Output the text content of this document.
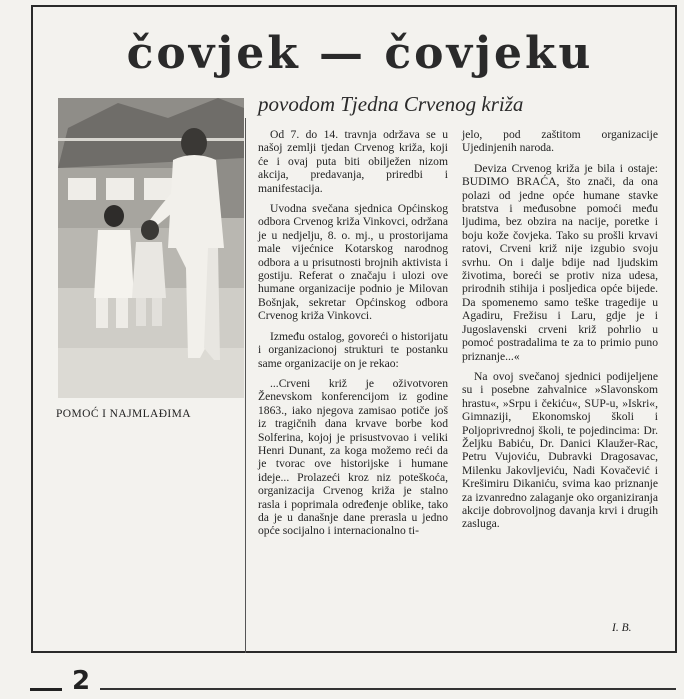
čovjek — čovjeku
povodom Tjedna Crvenog križa
POMOĆ I NAJMLAĐIMA

Od 7. do 14. travnja održava se u našoj zemlji tjedan Crvenog križa, koji će i ovaj puta biti obilježen nizom akcija, predavanja, priredbi i manifestacija.

Uvodna svečana sjednica Općinskog odbora Crvenog križa Vinkovci, održana je u nedjelju, 8. o. mj., u prostorijama male vijećnice Kotarskog narodnog odbora a u prisutnosti brojnih aktivista i gostiju. Referat o značaju i ulozi ove humane organizacije podnio je Milovan Bošnjak, sekretar Općinskog odbora Crvenog križa Vinkovci.

Između ostalog, govoreći o historijatu i organizacionoj strukturi te postanku same organizacije on je rekao:

...Crveni križ je oživotvoren Ženevskom konferencijom iz godine 1863., iako njegova zamisao potiče još iz tragičnih dana krvave borbe kod Solferina, kojoj je prisustvovao i veliki Henri Dunant, za koga možemo reći da je tvorac ove historijske i humane ideje... Prolazeći kroz niz poteškoća, organizacija Crvenog križa je stalno rasla i poprimala određenje oblike, tako da je u današnje dane prerasla u jedno opće socijalno i internacionalno ti-

jelo, pod zaštitom organizacije Ujedinjenih naroda.

Deviza Crvenog križa je bila i ostaje: BUDIMO BRAĆA, što znači, da ona polazi od jedne opće humane stavke bratstva i međusobne pomoći među ljudima, bez obzira na nacije, poretke i boju kože čovjeka. Tako su prošli krvavi ratovi, Crveni križ nije izgubio svoju svrhu. On i dalje bdije nad ljudskim životima, boreći se protiv niza udesa, prirodnih stihija i posljedica opće bijede. Da spomenemo samo teške tragedije u Agadiru, Frežisu i Laru, gdje je i Jugoslavenski crveni križ pohrlio u pomoć postradalima te za to primio puno priznanje...«

Na ovoj svečanoj sjednici podijeljene su i posebne zahvalnice »Slavonskom hrastu«, »Srpu i čekiću«, SUP-u, »Iskri«, Gimnaziji, Ekonomskoj školi i Poljoprivrednoj školi, te pojedincima: Dr. Željku Babiću, Dr. Danici Klaužer-Rac, Petru Vujoviću, Dubravki Dragosavac, Milenku Jakovljeviću, Nadi Kovačević i Krešimiru Dikaniću, svima kao priznanje za izvanredno zalaganje oko organiziranja akcije dobrovoljnog davanja krvi i drugih zasluga.

I. B.
2
